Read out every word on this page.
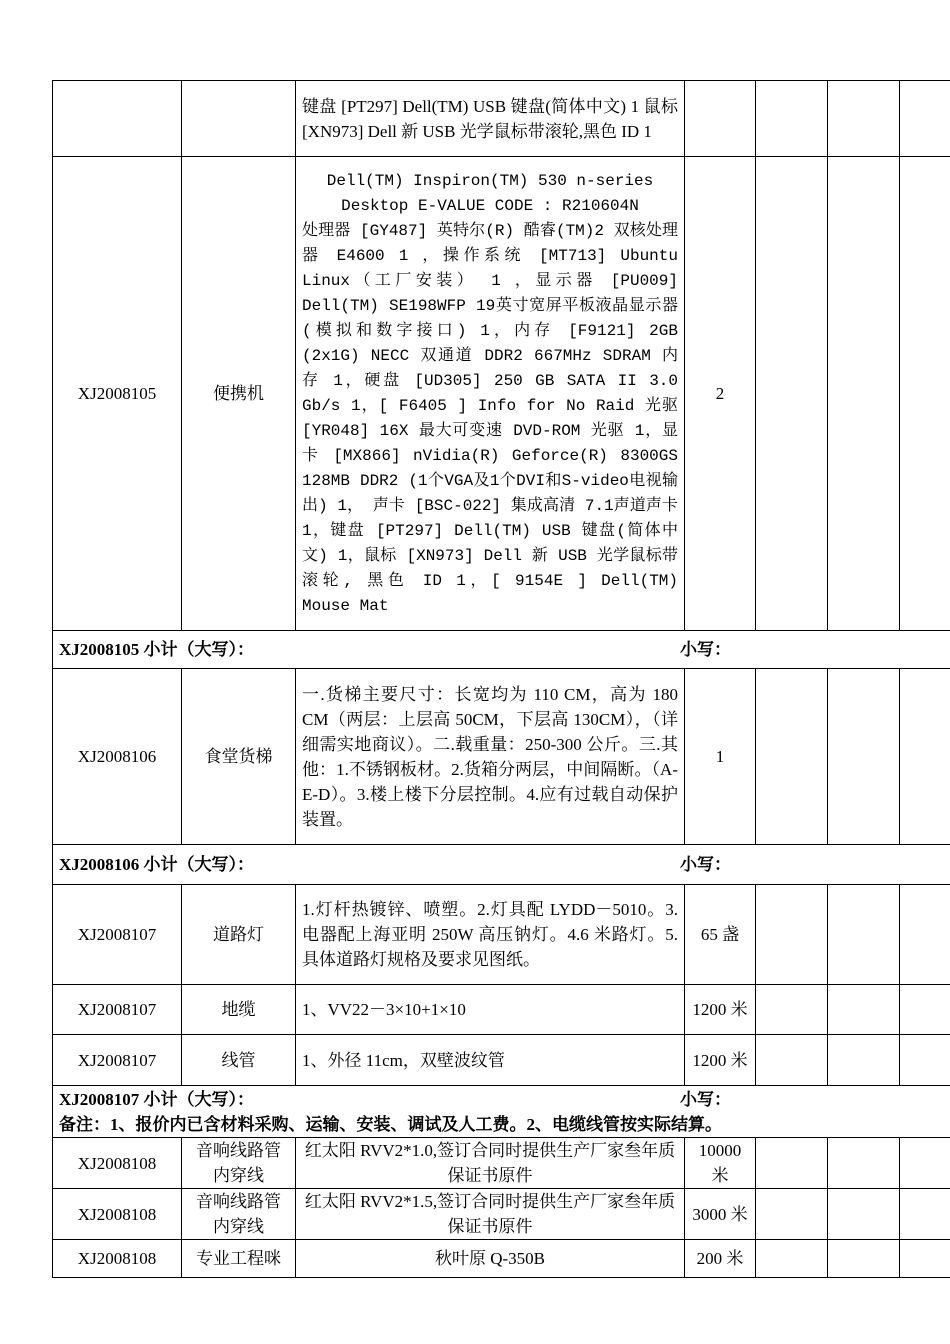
		键盘 [PT297] Dell(TM) USB 键盘(简体中文) 1 鼠标 [XN973] Dell 新 USB 光学鼠标带滚轮,黑色 ID 1				
XJ2008105	便携机	Dell(TM) Inspiron(TM) 530 n-series Desktop E-VALUE CODE : R210604N
处理器 [GY487] 英特尔(R) 酷睿(TM)2 双核处理器 E4600 1 ，操作系统 [MT713] Ubuntu Linux（工厂安装） 1 ，显示器 [PU009] Dell(TM) SE198WFP 19英寸宽屏平板液晶显示器(模拟和数字接口) 1，内存 [F9121] 2GB (2x1G) NECC 双通道 DDR2 667MHz SDRAM 内存 1，硬盘 [UD305] 250 GB SATA II 3.0 Gb/s 1，[ F6405 ] Info for No Raid 光驱 [YR048] 16X 最大可变速 DVD-ROM 光驱 1，显卡 [MX866] nVidia(R) Geforce(R) 8300GS 128MB DDR2 (1个VGA及1个DVI和S-video电视输出) 1， 声卡 [BSC-022] 集成高清 7.1声道声卡 1，键盘 [PT297] Dell(TM) USB 键盘(简体中文) 1，鼠标 [XN973] Dell 新 USB 光学鼠标带滚轮, 黑色 ID 1，[ 9154E ] Dell(TM) Mouse Mat	2			

XJ2008105 小计（大写）： 小写：						

XJ2008106	食堂货梯	一.货梯主要尺寸：长宽均为 110 CM，高为 180 CM（两层：上层高 50CM，下层高 130CM），（详细需实地商议）。二.载重量：250-300 公斤。三.其他：1.不锈钢板材。2.货箱分两层，中间隔断。（A-E-D）。3.楼上楼下分层控制。4.应有过载自动保护装置。	1			

XJ2008106 小计（大写）： 小写：						

XJ2008107	道路灯	1.灯杆热镀锌、喷塑。2.灯具配 LYDD－5010。3.电器配上海亚明 250W 高压钠灯。4.6 米路灯。5.具体道路灯规格及要求见图纸。	65 盏			
XJ2008107	地缆	1、VV22－3×10+1×10	1200 米			
XJ2008107	线管	1、外径 11cm，双壁波纹管	1200 米			

XJ2008107 小计（大写）： 小写：
备注：1、报价内已含材料采购、运输、安装、调试及人工费。2、电缆线管按实际结算。						

XJ2008108	音响线路管内穿线	红太阳 RVV2*1.0,签订合同时提供生产厂家叁年质保证书原件	10000 米			
XJ2008108	音响线路管内穿线	红太阳 RVV2*1.5,签订合同时提供生产厂家叁年质保证书原件	3000 米			
XJ2008108	专业工程咪	秋叶原 Q-350B	200 米			
